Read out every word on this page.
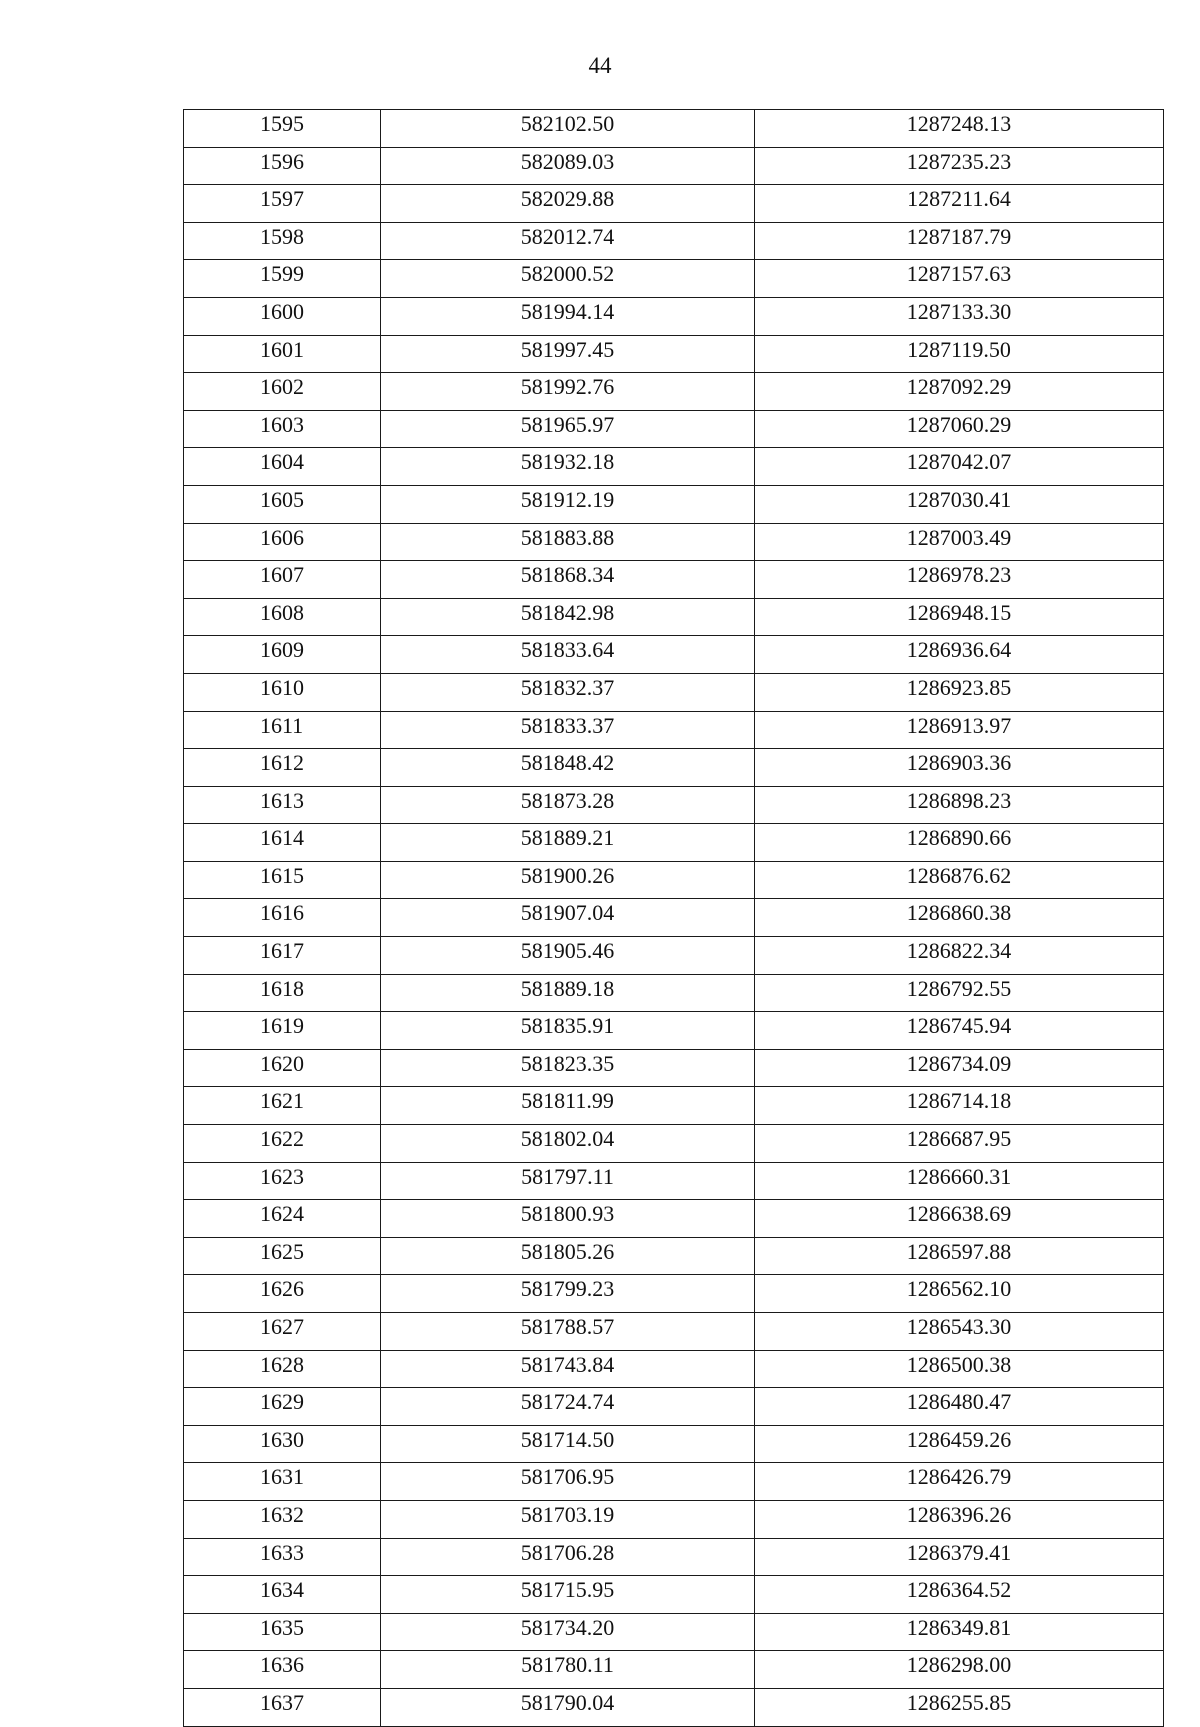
44
1595	582102.50	1287248.13
1596	582089.03	1287235.23
1597	582029.88	1287211.64
1598	582012.74	1287187.79
1599	582000.52	1287157.63
1600	581994.14	1287133.30
1601	581997.45	1287119.50
1602	581992.76	1287092.29
1603	581965.97	1287060.29
1604	581932.18	1287042.07
1605	581912.19	1287030.41
1606	581883.88	1287003.49
1607	581868.34	1286978.23
1608	581842.98	1286948.15
1609	581833.64	1286936.64
1610	581832.37	1286923.85
1611	581833.37	1286913.97
1612	581848.42	1286903.36
1613	581873.28	1286898.23
1614	581889.21	1286890.66
1615	581900.26	1286876.62
1616	581907.04	1286860.38
1617	581905.46	1286822.34
1618	581889.18	1286792.55
1619	581835.91	1286745.94
1620	581823.35	1286734.09
1621	581811.99	1286714.18
1622	581802.04	1286687.95
1623	581797.11	1286660.31
1624	581800.93	1286638.69
1625	581805.26	1286597.88
1626	581799.23	1286562.10
1627	581788.57	1286543.30
1628	581743.84	1286500.38
1629	581724.74	1286480.47
1630	581714.50	1286459.26
1631	581706.95	1286426.79
1632	581703.19	1286396.26
1633	581706.28	1286379.41
1634	581715.95	1286364.52
1635	581734.20	1286349.81
1636	581780.11	1286298.00
1637	581790.04	1286255.85
